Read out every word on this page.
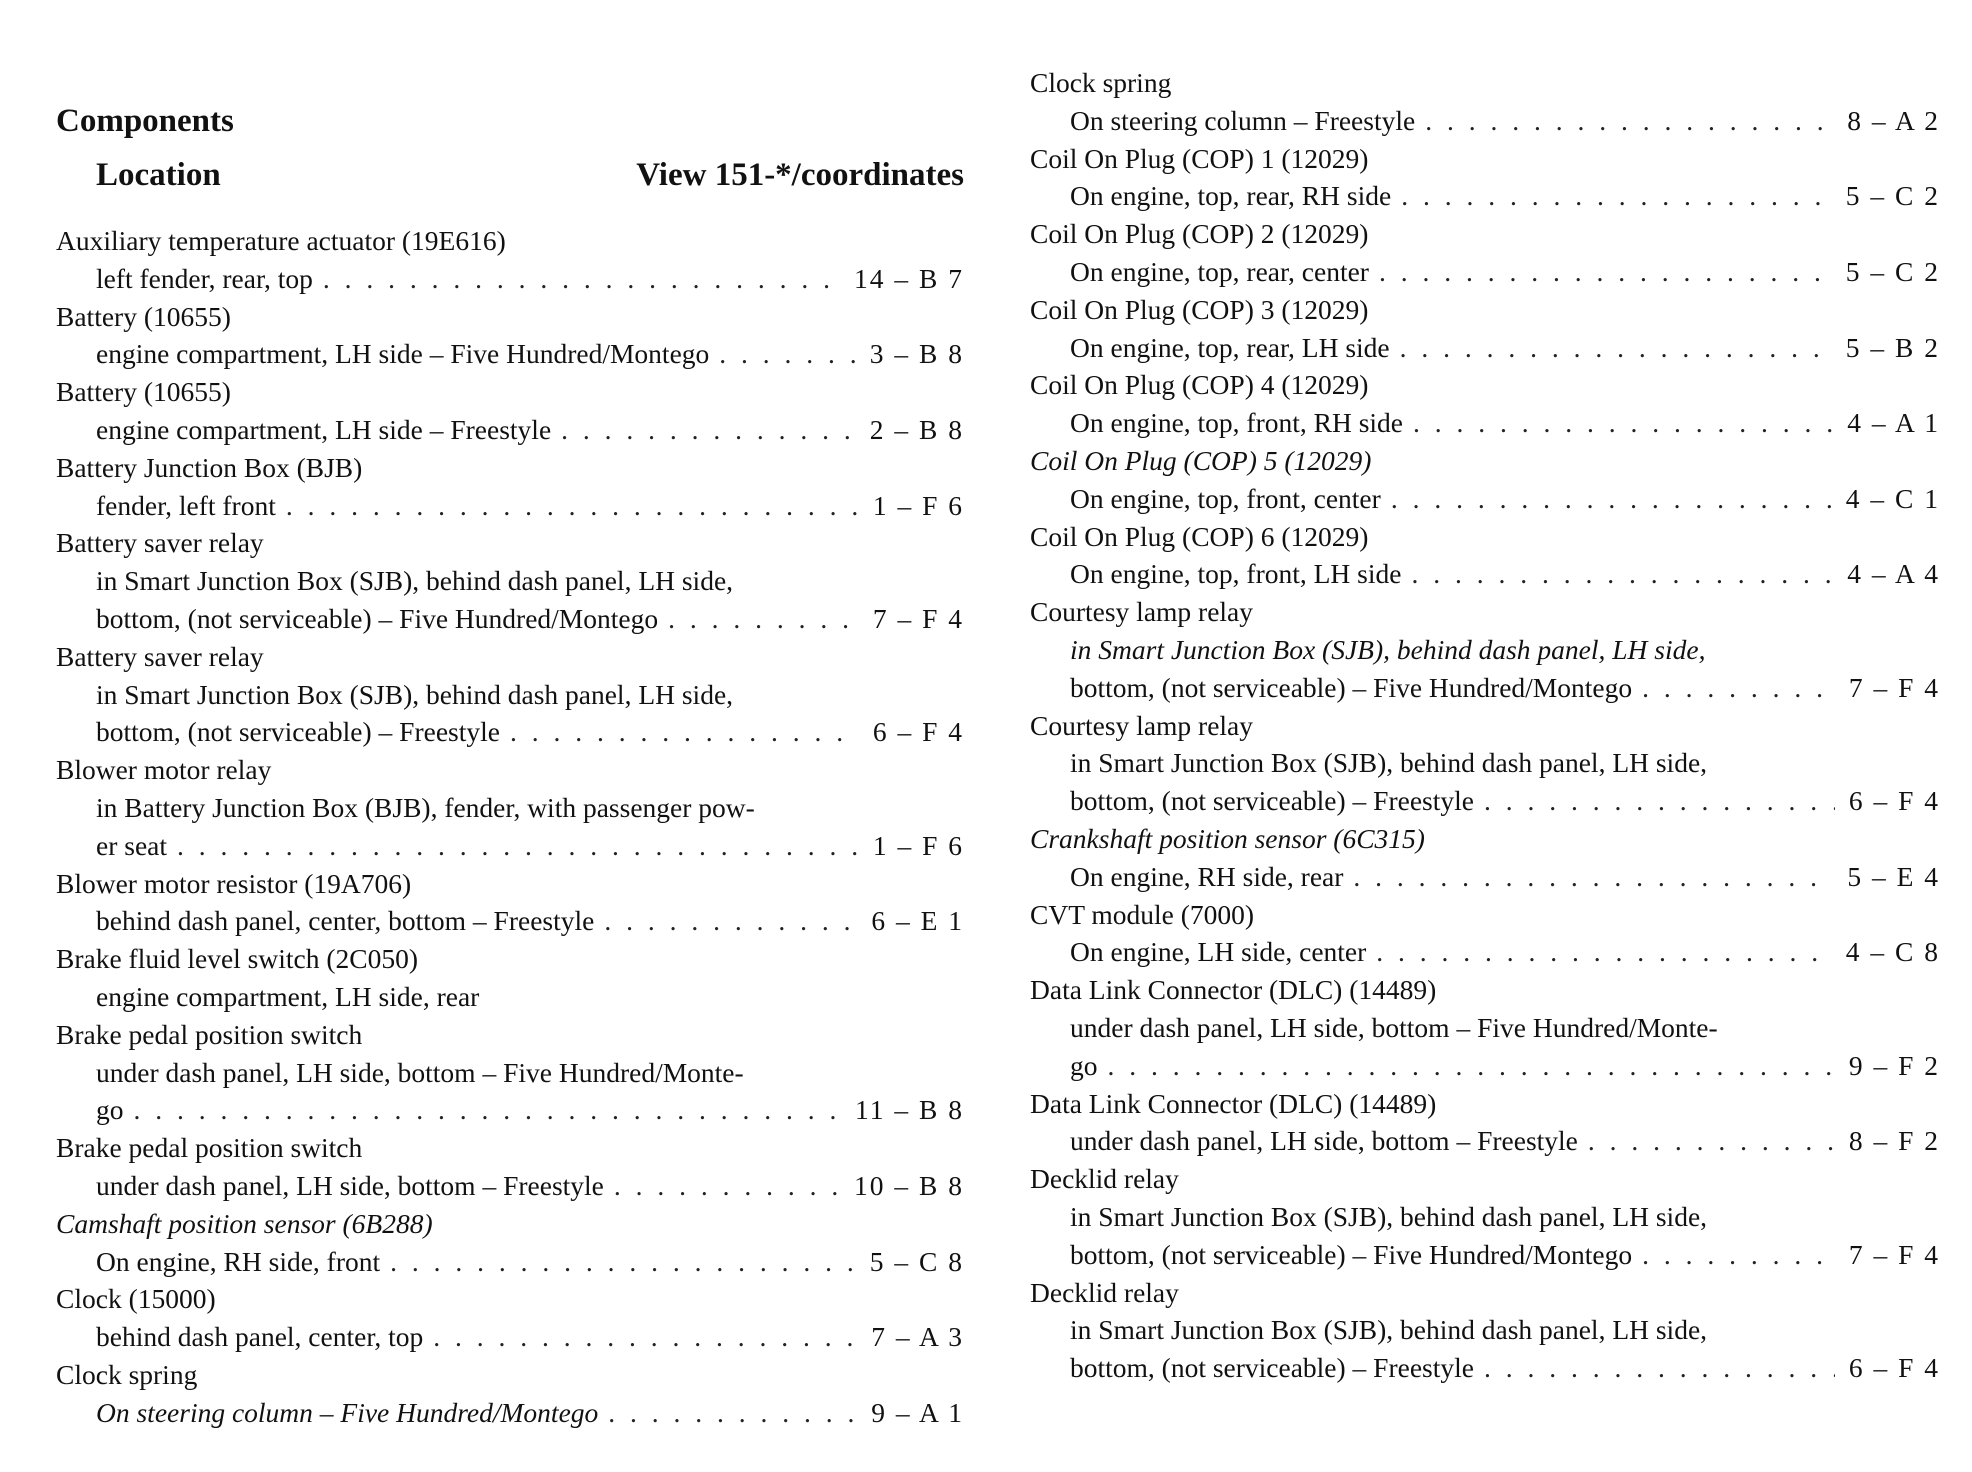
Components
Location	View 151-*/coordinates
Auxiliary temperature actuator (19E616)
left fender, rear, top . . .	14 – B 7
Battery (10655)
engine compartment, LH side – Five Hundred/Montego . . .	3 – B 8
Battery (10655)
engine compartment, LH side – Freestyle . . .	2 – B 8
Battery Junction Box (BJB)
fender, left front . . .	1 – F 6
Battery saver relay
in Smart Junction Box (SJB), behind dash panel, LH side,
bottom, (not serviceable) – Five Hundred/Montego . . .	7 – F 4
Battery saver relay
in Smart Junction Box (SJB), behind dash panel, LH side,
bottom, (not serviceable) – Freestyle . . .	6 – F 4
Blower motor relay
in Battery Junction Box (BJB), fender, with passenger pow-
er seat . . .	1 – F 6
Blower motor resistor (19A706)
behind dash panel, center, bottom – Freestyle . . .	6 – E 1
Brake fluid level switch (2C050)
engine compartment, LH side, rear
Brake pedal position switch
under dash panel, LH side, bottom – Five Hundred/Monte-
go . . .	11 – B 8
Brake pedal position switch
under dash panel, LH side, bottom – Freestyle . . .	10 – B 8
Camshaft position sensor (6B288)
On engine, RH side, front . . .	5 – C 8
Clock (15000)
behind dash panel, center, top . . .	7 – A 3
Clock spring
On steering column – Five Hundred/Montego . . .	9 – A 1
Clock spring
On steering column – Freestyle . . .	8 – A 2
Coil On Plug (COP) 1 (12029)
On engine, top, rear, RH side . . .	5 – C 2
Coil On Plug (COP) 2 (12029)
On engine, top, rear, center . . .	5 – C 2
Coil On Plug (COP) 3 (12029)
On engine, top, rear, LH side . . .	5 – B 2
Coil On Plug (COP) 4 (12029)
On engine, top, front, RH side . . .	4 – A 1
Coil On Plug (COP) 5 (12029)
On engine, top, front, center . . .	4 – C 1
Coil On Plug (COP) 6 (12029)
On engine, top, front, LH side . . .	4 – A 4
Courtesy lamp relay
in Smart Junction Box (SJB), behind dash panel, LH side,
bottom, (not serviceable) – Five Hundred/Montego . . .	7 – F 4
Courtesy lamp relay
in Smart Junction Box (SJB), behind dash panel, LH side,
bottom, (not serviceable) – Freestyle . . .	6 – F 4
Crankshaft position sensor (6C315)
On engine, RH side, rear . . .	5 – E 4
CVT module (7000)
On engine, LH side, center . . .	4 – C 8
Data Link Connector (DLC) (14489)
under dash panel, LH side, bottom – Five Hundred/Monte-
go . . .	9 – F 2
Data Link Connector (DLC) (14489)
under dash panel, LH side, bottom – Freestyle . . .	8 – F 2
Decklid relay
in Smart Junction Box (SJB), behind dash panel, LH side,
bottom, (not serviceable) – Five Hundred/Montego . . .	7 – F 4
Decklid relay
in Smart Junction Box (SJB), behind dash panel, LH side,
bottom, (not serviceable) – Freestyle . . .	6 – F 4
